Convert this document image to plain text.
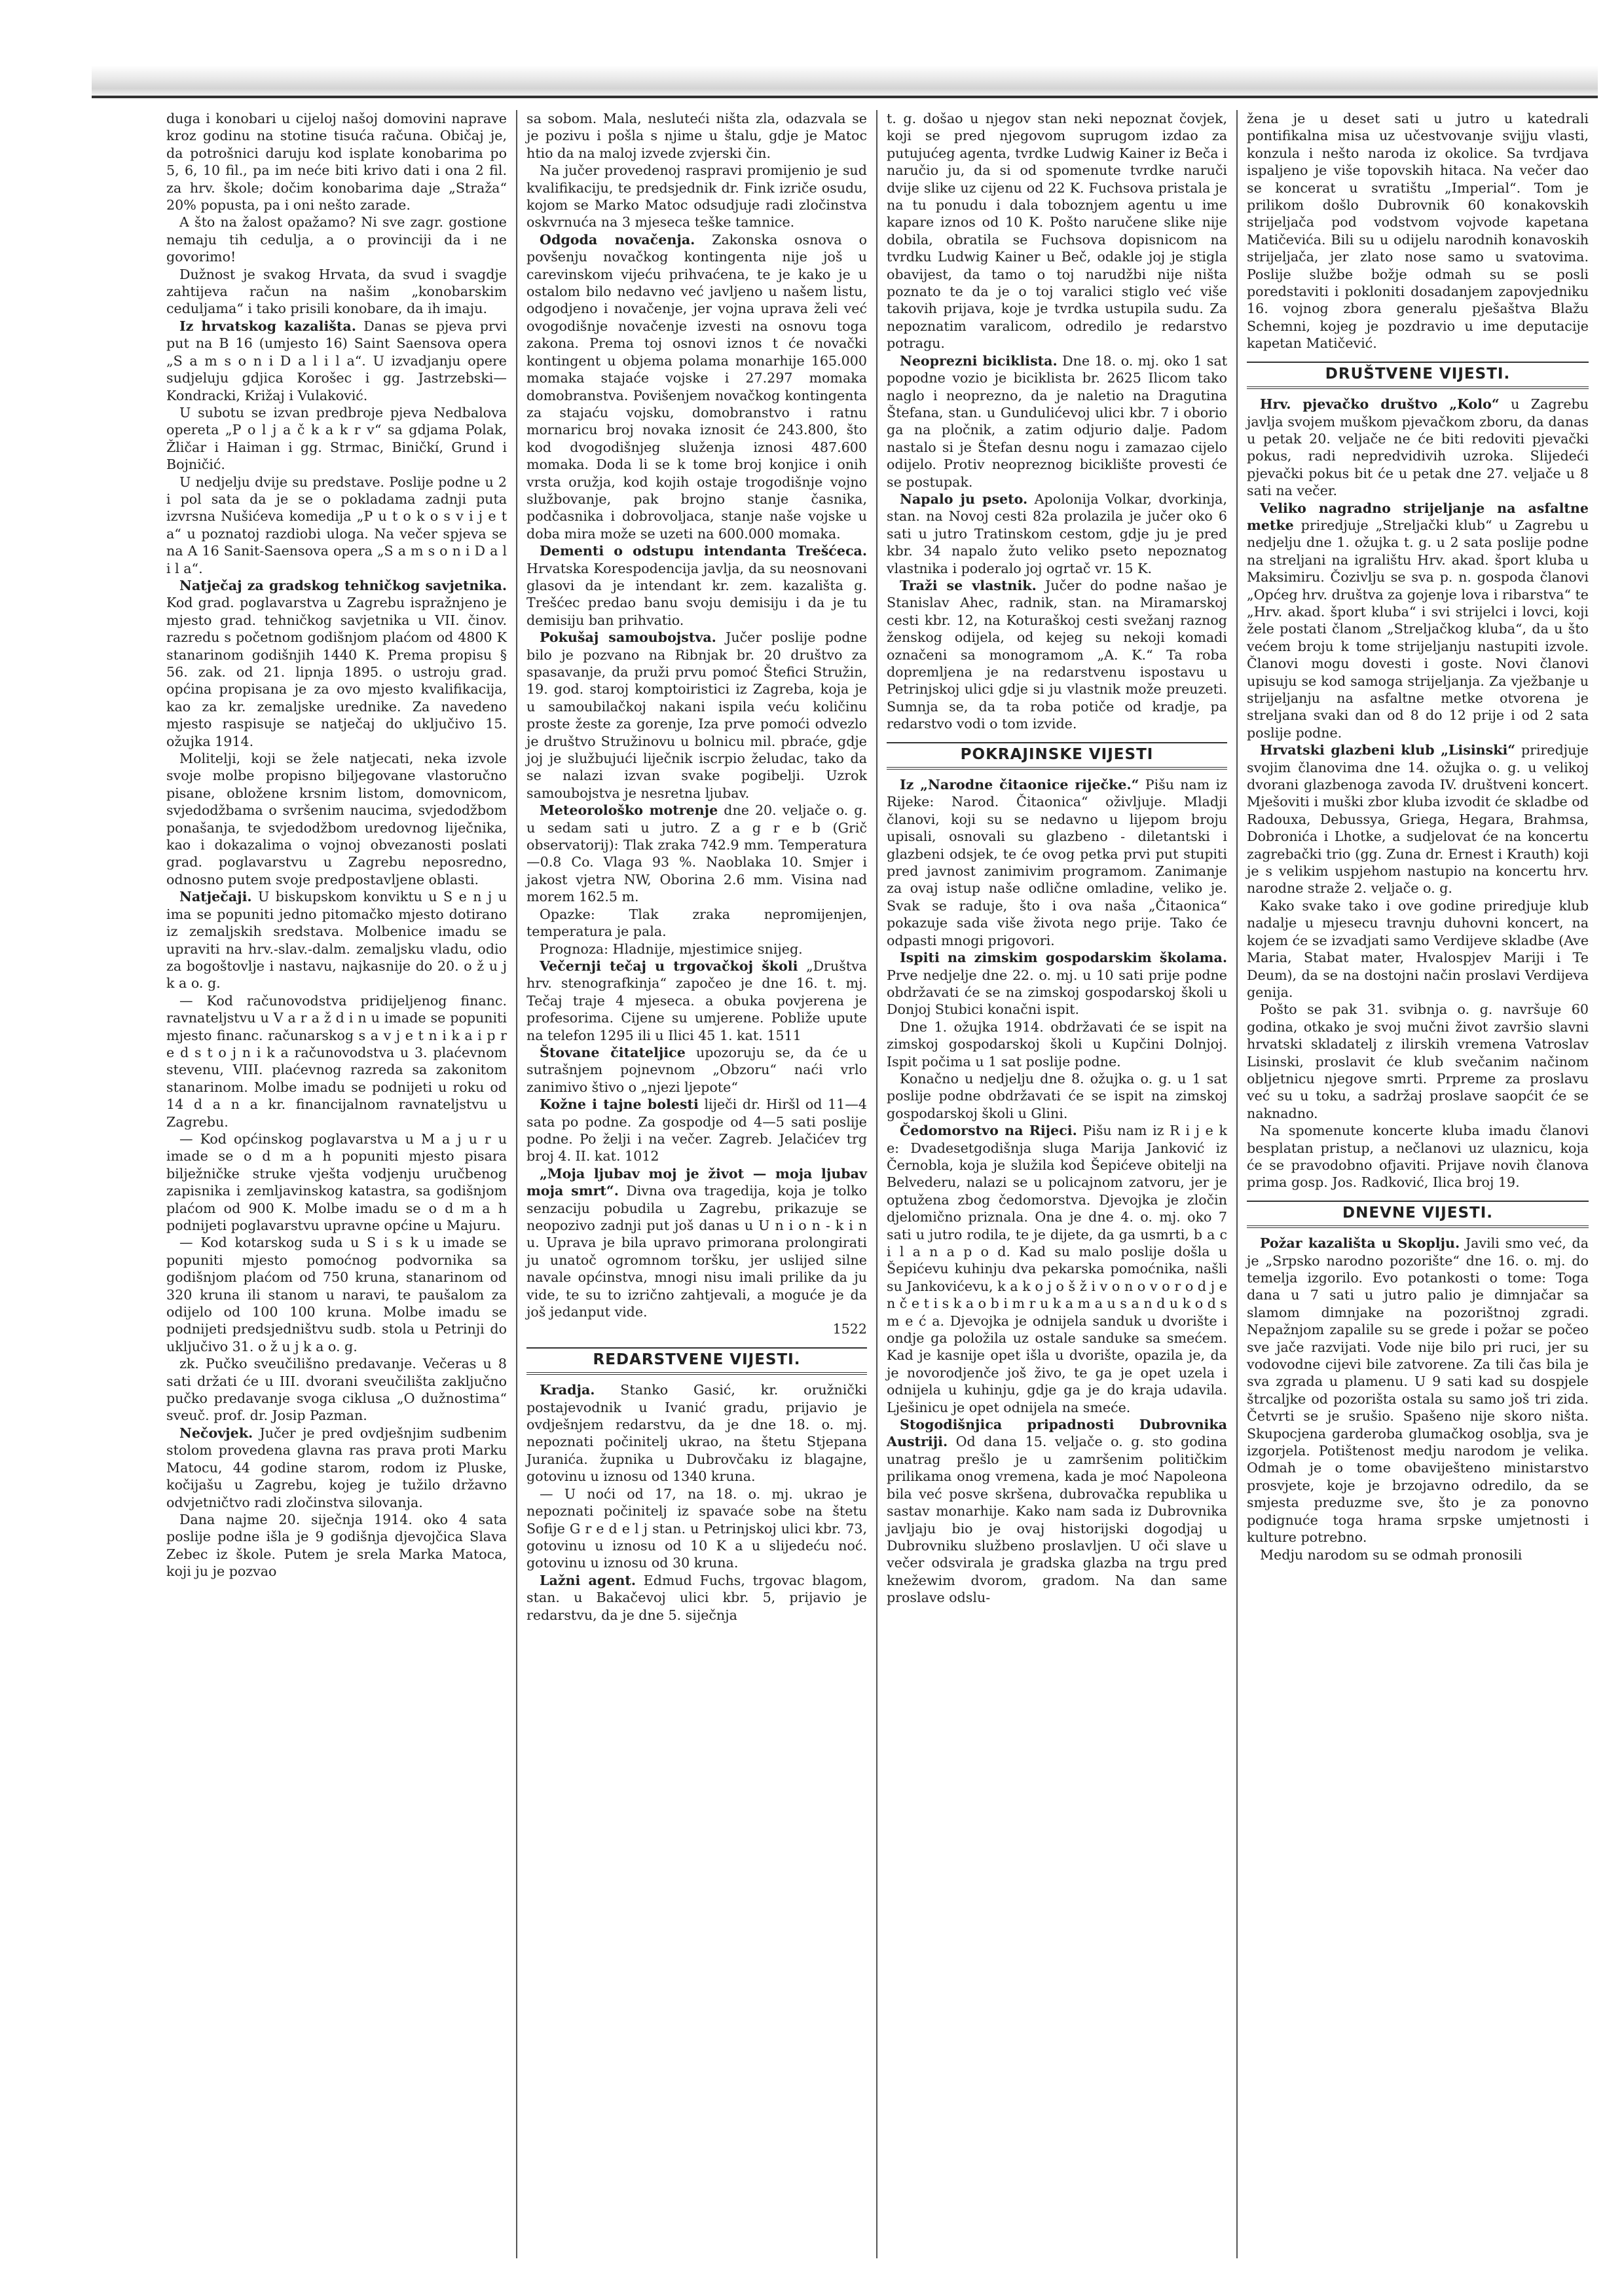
duga i konobari u cijeloj našoj domovini naprave kroz godinu na stotine tisuća računa. Običaj je, da potrošnici daruju kod isplate konobarima po 5, 6, 10 fil., pa im neće biti krivo dati i ona 2 fil. za hrv. škole; dočim konobarima daje „Straža“ 20% popusta, pa i oni nešto zarade.

A što na žalost opažamo? Ni sve zagr. gostione nemaju tih cedulja, a o provinciji da i ne govorimo!

Dužnost je svakog Hrvata, da svud i svagdje zahtijeva račun na našim „konobarskim ceduljama“ i tako prisili konobare, da ih imaju.

Iz hrvatskog kazališta. Danas se pjeva prvi put na B 16 (umjesto 16) Saint Saensova opera „S a m s o n i D a l i l a“. U izvadjanju opere sudjeluju gdjica Korošec i gg. Jastrzebski— Kondracki, Križaj i Vulaković.

U subotu se izvan predbroje pjeva Nedbalova opereta „P o l j a č k a k r v“ sa gdjama Polak, Žličar i Haiman i gg. Strmac, Biničkí, Grund i Bojničić.

U nedjelju dvije su predstave. Poslije podne u 2 i pol sata da je se o pokladama zadnji puta izvrsna Nušićeva komedija „P u t o k o s v i j e t a“ u poznatoj razdiobi uloga. Na večer spjeva se na A 16 Sanit-Saensova opera „S a m s o n i D a l i l a“.

Natječaj za gradskog tehničkog savjetnika. Kod grad. poglavarstva u Zagrebu ispražnjeno je mjesto grad. tehničkog savjetnika u VII. činov. razredu s početnom godišnjom plaćom od 4800 K stanarinom godišnjih 1440 K. Prema propisu § 56. zak. od 21. lipnja 1895. o ustroju grad. općina propisana je za ovo mjesto kvalifikacija, kao za kr. zemaljske urednike. Za navedeno mjesto raspisuje se natječaj do uključivo 15. ožujka 1914.

Molitelji, koji se žele natjecati, neka izvole svoje molbe propisno biljegovane vlastoručno pisane, obložene krsnim listom, domovnicom, svjedodžbama o svršenim naucima, svjedodžbom ponašanja, te svjedodžbom uredovnog liječnika, kao i dokazalima o vojnoj obvezanosti poslati grad. poglavarstvu u Zagrebu neposredno, odnosno putem svoje predpostavljene oblasti.

Natječaji. U biskupskom konviktu u S e n j u ima se popuniti jedno pitomačko mjesto dotirano iz zemaljskih sredstava. Molbenice imadu se upraviti na hrv.-slav.-dalm. zemaljsku vladu, odio za bogoštovlje i nastavu, najkasnije do 20. o ž u j k a o. g.

— Kod računovodstva pridijeljenog financ. ravnateljstvu u V a r a ž d i n u imade se popuniti mjesto financ. računarskog s a v j e t n i k a i p r e d s t o j n i k a računovodstva u 3. plaćevnom stevenu, VIII. plaćevnog razreda sa zakonitom stanarinom. Molbe imadu se podnijeti u roku od 14 d a n a kr. financijalnom ravnateljstvu u Zagrebu.

— Kod općinskog poglavarstva u M a j u r u imade se o d m a h popuniti mjesto pisara bilježničke struke vješta vodjenju uručbenog zapisnika i zemljavinskog katastra, sa godišnjom plaćom od 900 K. Molbe imadu se o d m a h podnijeti poglavarstvu upravne općine u Majuru.

— Kod kotarskog suda u S i s k u imade se popuniti mjesto pomoćnog podvornika sa godišnjom plaćom od 750 kruna, stanarinom od 320 kruna ili stanom u naravi, te paušalom za odijelo od 100 100 kruna. Molbe imadu se podnijeti predsjedništvu sudb. stola u Petrinji do uključivo 31. o ž u j k a o. g.

zk. Pučko sveučilišno predavanje. Večeras u 8 sati držati će u III. dvorani sveučilišta zaključno pučko predavanje svoga ciklusa „O dužnostima“ sveuč. prof. dr. Josip Pazman.

Nečovjek. Jučer je pred ovdješnjim sudbenim stolom provedena glavna ras prava proti Marku Matocu, 44 godine starom, rodom iz Pluske, kočijašu u Zagrebu, kojeg je tužilo državno odvjetničtvo radi zločinstva silovanja.

Dana najme 20. siječnja 1914. oko 4 sata poslije podne išla je 9 godišnja djevojčica Slava Zebec iz škole. Putem je srela Marka Matoca, koji ju je pozvao

sa sobom. Mala, neslutеći ništa zla, odazvala se je pozivu i pošla s njime u štalu, gdje je Matoc htio da na maloj izvede zvjerski čin.

Na jučer provedenoj raspravi promijenio je sud kvalifikaciju, te predsjednik dr. Fink izriče osudu, kojom se Marko Matoc odsudjuje radi zločinstva oskvrnuća na 3 mjeseca teške tamnice.

Odgoda novačenja. Zakonska osnova o povšenju novačkog kontingenta nije još u carevinskom vijeću prihvaćena, te je kako je u ostalom bilo nedavno već javljeno u našem listu, odgodjeno i novačenje, jer vojna uprava želi već ovogodišnje novačenje izvesti na osnovu toga zakona. Prema toj osnovi iznos t će novački kontingent u objema polama monarhije 165.000 momaka stajaće vojske i 27.297 momaka domobranstva. Povišenjem novačkog kontingenta za stajaću vojsku, domobranstvo i ratnu mornaricu broj novaka iznosit će 243.800, što kod dvogodišnjeg služenja iznosi 487.600 momaka. Doda li se k tome broj konjice i onih vrsta oružja, kod kojih ostaje trogodišnje vojno službovanje, pak brojno stanje časnika, podčasnika i dobrovoljaca, stanje naše vojske u doba mira može se uzeti na 600.000 momaka.

Dementi o odstupu intendanta Trešćeca. Hrvatska Korespodencija javlja, da su neosnovani glasovi da je intendant kr. zem. kazališta g. Trešćec predao banu svoju demisiju i da je tu demisiju ban prihvatio.

Pokušaj samoubojstva. Jučer poslije podne bilo je pozvano na Ribnjak br. 20 društvo za spasavanje, da pruži prvu pomoć Štefici Stružin, 19. god. staroj komptoiristici iz Zagreba, koja je u samoubilačkoj nakani ispila veću količinu proste žeste za gorenje, Iza prve pomoći odvezlo je društvo Stružinovu u bolnicu mil. pbraće, gdje joj je službujući liječnik iscrpio želudac, tako da se nalazi izvan svake pogibelji. Uzrok samoubojstva je nesretna ljubav.

Meteorološko motrenje dne 20. veljače o. g. u sedam sati u jutro. Z a g r e b (Grič observatorij): Tlak zraka 742.9 mm. Temperatura —0.8 Co. Vlaga 93 %. Naoblaka 10. Smjer i jakost vjetra NW, Oborina 2.6 mm. Visina nad morem 162.5 m.

Opazke: Tlak zraka nepromijenjen, temperatura je pala.

Prognoza: Hladnije, mjestimice snijeg.

Večernji tečaj u trgovačkoj školi „Društva hrv. stenografkinja“ započeo je dne 16. t. mj. Tečaj traje 4 mjeseca. a obuka povjerena je profesorima. Cijene su umjerene. Pobliže upute na telefon 1295 ili u Ilici 45 1. kat. 1511

Štovane čitateljice upozoruju se, da će u sutrašnjem pojnevnom „Obzoru“ naći vrlo zanimivo štivo o „njezi ljepote“

Kožne i tajne bolesti liječi dr. Hiršl od 11—4 sata po podne. Za gospodje od 4—5 sati poslije podne. Po želji i na večer. Zagreb. Jelačićev trg broj 4. II. kat. 1012

„Moja ljubav moj je život — moja ljubav moja smrt“. Divna ova tragedija, koja je tolko senzaciju pobudila u Zagrebu, prikazuje se neopozivo zadnji put još danas u U n i o n - k i n u. Uprava je bila upravo primorana prolongirati ju unatoč ogromnom toršku, jer uslijed silne navale općinstva, mnogi nisu imali prilike da ju vide, te su to izrično zahtjevali, a moguće je da još jedanput vide.

1522

REDARSTVENE VIJESTI.

Kradja. Stanko Gasić, kr. oružnički postajevodnik u Ivanić gradu, prijavio je ovdješnjem redarstvu, da je dne 18. o. mj. nepoznati počinitelj ukrao, na štetu Stjepana Juranića. župnika u Dubrovčaku iz blagajne, gotovinu u iznosu od 1340 kruna.

— U noći od 17, na 18. o. mj. ukrao je nepoznati počinitelj iz spavaće sobe na štetu Sofije G r e d e l j stan. u Petrinjskoj ulici kbr. 73, gotovinu u iznosu od 10 K a u slijedeću noć. gotovinu u iznosu od 30 kruna.

Lažni agent. Edmud Fuchs, trgovac blagom, stan. u Bakačevoj ulici kbr. 5, prijavio je redarstvu, da je dne 5. siječnja

t. g. došao u njegov stan neki nepoznat čovjek, koji se pred njegovom suprugom izdao za putujućeg agenta, tvrdke Ludwig Kainer iz Beča i naručio ju, da si od spomenute tvrdke naruči dvije slike uz cijenu od 22 K. Fuchsova pristala je na tu ponudu i dala toboznjem agentu u ime kapare iznos od 10 K. Pošto naručene slike nije dobila, obratila se Fuchsova dopisnicom na tvrdku Ludwig Kainer u Beč, odakle joj je stigla obavijest, da tamo o toj narudžbi nije ništa poznato te da je o toj varalici stiglo već više takovih prijava, koje je tvrdka ustupila sudu. Za nepoznatim varalicom, odredilo je redarstvo potragu.

Neoprezni biciklista. Dne 18. o. mj. oko 1 sat popodne vozio je biciklista br. 2625 Ilicom tako naglo i neoprezno, da je naletio na Dragutina Štefana, stan. u Gundulićevoj ulici kbr. 7 i oborio ga na pločnik, a zatim odjurio dalje. Padom nastalo si je Štefan desnu nogu i zamazao cijelo odijelo. Protiv neopreznog biciklište provesti će se postupak.

Napalo ju pseto. Apolonija Volkar, dvorkinja, stan. na Novoj cesti 82a prolazila je jučer oko 6 sati u jutro Tratinskom cestom, gdje ju je pred kbr. 34 napalo žuto veliko pseto nepoznatog vlastnika i poderalo joj ogrtač vr. 15 K.

Traži se vlastnik. Jučer do podne našao je Stanislav Ahec, radnik, stan. na Miramarskoj cesti kbr. 12, na Koturaškoj cesti svežanj raznog ženskog odijela, od kejeg su nekoji komadi označeni sa monogramom „A. K.“ Ta roba dopremljena je na redarstvenu ispostavu u Petrinjskoj ulici gdje si ju vlastnik može preuzeti. Sumnja se, da ta roba potiče od kradje, pa redarstvo vodi o tom izvide.

POKRAJINSKE VIJESTI

Iz „Narodne čitaonice riječke.“ Pišu nam iz Rijeke: Narod. Čitaonica“ oživljuje. Mladji članovi, koji su se nedavno u lijepom broju upisali, osnovali su glazbeno - diletantski i glazbeni odsjek, te će ovog petka prvi put stupiti pred javnost zanimivim programom. Zanimanje za ovaj istup naše odlične omladine, veliko je. Svak se raduje, što i ova naša „Čitaonica“ pokazuje sada više života nego prije. Tako će odpasti mnogi prigovori.

Ispiti na zimskim gospodarskim školama. Prve nedjelje dne 22. o. mj. u 10 sati prije podne obdržavati će se na zimskoj gospodarskoj školi u Donjoj Stubici konačni ispit.

Dne 1. ožujka 1914. obdržavati će se ispit na zimskoj gospodarskoj školi u Kupčini Dolnjoj. Ispit počima u 1 sat poslije podne.

Konačno u nedjelju dne 8. ožujka o. g. u 1 sat poslije podne obdržavati će se ispit na zimskoj gospodarskoj školi u Glini.

Čedomorstvo na Rijeci. Pišu nam iz R i j e k e: Dvadesetgodišnja sluga Marija Janković iz Černobla, koja je služila kod Šepićeve obitelji na Belvederu, nalazi se u policajnom zatvoru, jer je optužena zbog čedomorstva. Djevojka je zločin djelomično priznala. Ona je dne 4. o. mj. oko 7 sati u jutro rodila, te je dijete, da ga usmrti, b a c i l a n a p o d. Kad su malo poslije došla u Šepićevu kuhinju dva pekarska pomoćnika, našli su Jankovićevu, k a k o j o š ž i v o n o v o r o d j e n č e t i s k a o b i m r u k a m a u s a n d u k o d s m e ć a. Djevojka je odnijela sanduk u dvorište i ondje ga položila uz ostale sanduke sa smećem. Kad je kasnije opet išla u dvorište, opazila je, da je novorodjenče još živo, te ga je opet uzela i odnijela u kuhinju, gdje ga je do kraja udavila. Lješinicu je opet odnijela na smeće.

Stogodišnjica pripadnosti Dubrovnika Austriji. Od dana 15. veljače o. g. sto godina unatrag prešlo je u zamršenim političkim prilikama onog vremena, kada je moć Napoleona bila već posve skršena, dubrovačka republika u sastav monarhije. Kako nam sada iz Dubrovnika javljaju bio je ovaj historijski dogodjaj u Dubrovniku službeno proslavljen. U oči slave u večer odsvirala je gradska glazba na trgu pred knežewim dvorom, gradom. Na dan same proslave odslu-

žena je u deset sati u jutro u katedrali pontifikalna misa uz učestvovanje svijju vlasti, konzula i nešto naroda iz okolice. Sa tvrdjava ispaljeno je više topovskih hitaca. Na večer dao se koncerat u svratištu „Imperial“. Tom je prilikom došlo Dubrovnik 60 konakovskih strijeljača pod vodstvom vojvode kapetana Matičevića. Bili su u odijelu narodnih konavoskih strijeljača, jer zlato nose samo u svatovima. Poslije službe božje odmah su se posli poredstaviti i pokloniti dosadanjem zapovjedniku 16. vojnog zbora generalu pješaštva Blažu Schemni, kojeg je pozdravio u ime deputacije kapetan Matičević.

DRUŠTVENE VIJESTI.

Hrv. pjevačko društvo „Kolo“ u Zagrebu javlja svojem muškom pjevačkom zboru, da danas u petak 20. veljače ne će biti redoviti pjevački pokus, radi nepredvidivih uzroka. Slijedeći pjevački pokus bit će u petak dne 27. veljače u 8 sati na večer.

Veliko nagradno strijeljanje na asfaltne metke priredjuje „Streljački klub“ u Zagrebu u nedjelju dne 1. ožujka t. g. u 2 sata poslije podne na streljani na igralištu Hrv. akad. šport kluba u Maksimiru. Čozivlju se sva p. n. gospoda članovi „Općeg hrv. društva za gojenje lova i ribarstva“ te „Hrv. akad. šport kluba“ i svi strijelci i lovci, koji žele postati članom „Streljačkog kluba“, da u što većem broju k tome strijeljanju nastupiti izvole. Članovi mogu dovesti i goste. Novi članovi upisuju se kod samoga strijeljanja. Za vježbanje u strijeljanju na asfaltne metke otvorena je streljana svaki dan od 8 do 12 prije i od 2 sata poslije podne.

Hrvatski glazbeni klub „Lisinski“ priredjuje svojim članovima dne 14. ožujka o. g. u velikoj dvorani glazbenoga zavoda IV. društveni koncert. Mješoviti i muški zbor kluba izvodit će skladbe od Radouxa, Debussya, Griega, Hegara, Brahmsa, Dobronića i Lhotke, a sudjelovat će na koncertu zagrebački trio (gg. Zuna dr. Ernest i Krauth) koji je s velikim uspjehom nastupio na koncertu hrv. narodne straže 2. veljače o. g.

Kako svake tako i ove godine priredjuje klub nadalje u mjesecu travnju duhovni koncert, na kojem će se izvadjati samo Verdijeve skladbe (Ave Maria, Stabat mater, Hvalospjev Mariji i Te Deum), da se na dostojni način proslavi Verdijeva genija.

Pošto se pak 31. svibnja o. g. navršuje 60 godina, otkako je svoj mučni život završio slavni hrvatski skladatelj z ilirskih vremena Vatroslav Lisinski, proslavit će klub svečanim načinom obljetnicu njegove smrti. Prpreme za proslavu već su u toku, a sadržaj proslave saopćit će se naknadno.

Na spomenute koncerte kluba imadu članovi besplatan pristup, a nečlanovi uz ulaznicu, koja će se pravodobno ofjaviti. Prijave novih članova prima gosp. Jos. Radković, Ilica broj 19.

DNEVNE VIJESTI.

Požar kazališta u Skoplju. Javili smo već, da je „Srpsko narodno pozorište“ dne 16. o. mj. do temelja izgorilo. Evo potankosti o tome: Toga dana u 7 sati u jutro palio je dimnjačar sa slamom dimnjake na pozorištnoj zgradi. Nepažnjom zapalile su se grede i požar se počeo sve jače razvijati. Vode nije bilo pri ruci, jer su vodovodne cijevi bile zatvorene. Za tili čas bila je sva zgrada u plamenu. U 9 sati kad su dospjele štrcaljke od pozorišta ostala su samo još tri zida. Četvrti se je srušio. Spašeno nije skoro ništa. Skupocjena garderoba glumačkog osoblja, sva je izgorjela. Potištenost medju narodom je velika. Odmah je o tome obaviješteno ministarstvo prosvjete, koje je brzojavno odredilo, da se smjesta preduzme sve, što je za ponovno podignuće toga hrama srpske umjetnosti i kulture potrebno.

Medju narodom su se odmah pronosili
